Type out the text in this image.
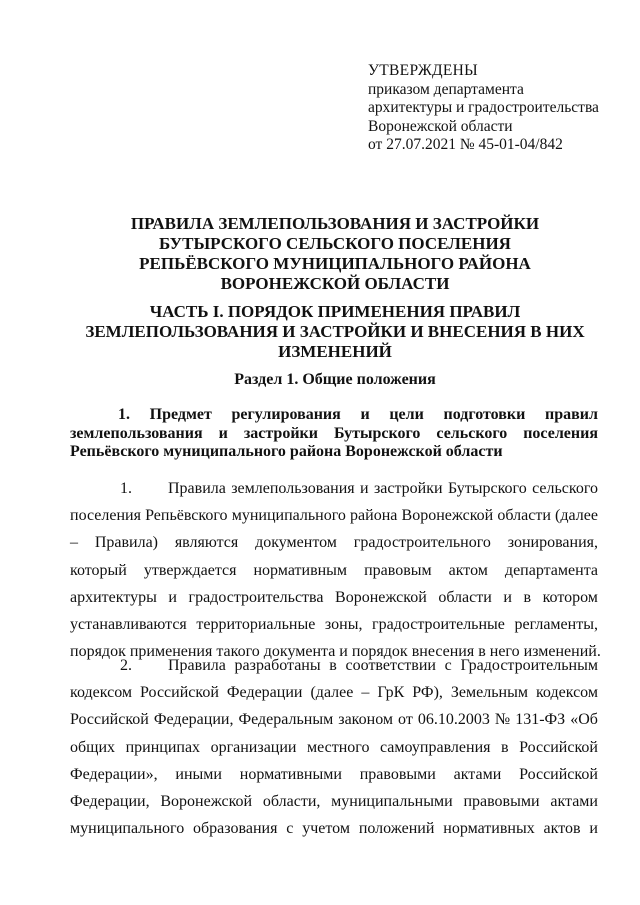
УТВЕРЖДЕНЫ
приказом департамента
архитектуры и градостроительства
Воронежской области
от 27.07.2021 № 45-01-04/842
ПРАВИЛА ЗЕМЛЕПОЛЬЗОВАНИЯ И ЗАСТРОЙКИ
БУТЫРСКОГО СЕЛЬСКОГО ПОСЕЛЕНИЯ
РЕПЬЁВСКОГО МУНИЦИПАЛЬНОГО РАЙОНА
ВОРОНЕЖСКОЙ ОБЛАСТИ
ЧАСТЬ I. ПОРЯДОК ПРИМЕНЕНИЯ ПРАВИЛ
ЗЕМЛЕПОЛЬЗОВАНИЯ И ЗАСТРОЙКИ И ВНЕСЕНИЯ В НИХ
ИЗМЕНЕНИЙ
Раздел 1. Общие положения
1. Предмет регулирования и цели подготовки правил
землепользования и застройки Бутырского сельского поселения
Репьёвского муниципального района Воронежской области
1.	Правила землепользования и застройки Бутырского сельского
поселения Репьёвского муниципального района Воронежской области (далее
– Правила) являются документом градостроительного зонирования,
который утверждается нормативным правовым актом департамента
архитектуры и градостроительства Воронежской области и в котором
устанавливаются территориальные зоны, градостроительные регламенты,
порядок применения такого документа и порядок внесения в него изменений.
2.	Правила разработаны в соответствии с Градостроительным
кодексом Российской Федерации (далее – ГрК РФ), Земельным кодексом
Российской Федерации, Федеральным законом от 06.10.2003 № 131-ФЗ «Об
общих принципах организации местного самоуправления в Российской
Федерации», иными нормативными правовыми актами Российской
Федерации, Воронежской области, муниципальными правовыми актами
муниципального образования с учетом положений нормативных актов и
